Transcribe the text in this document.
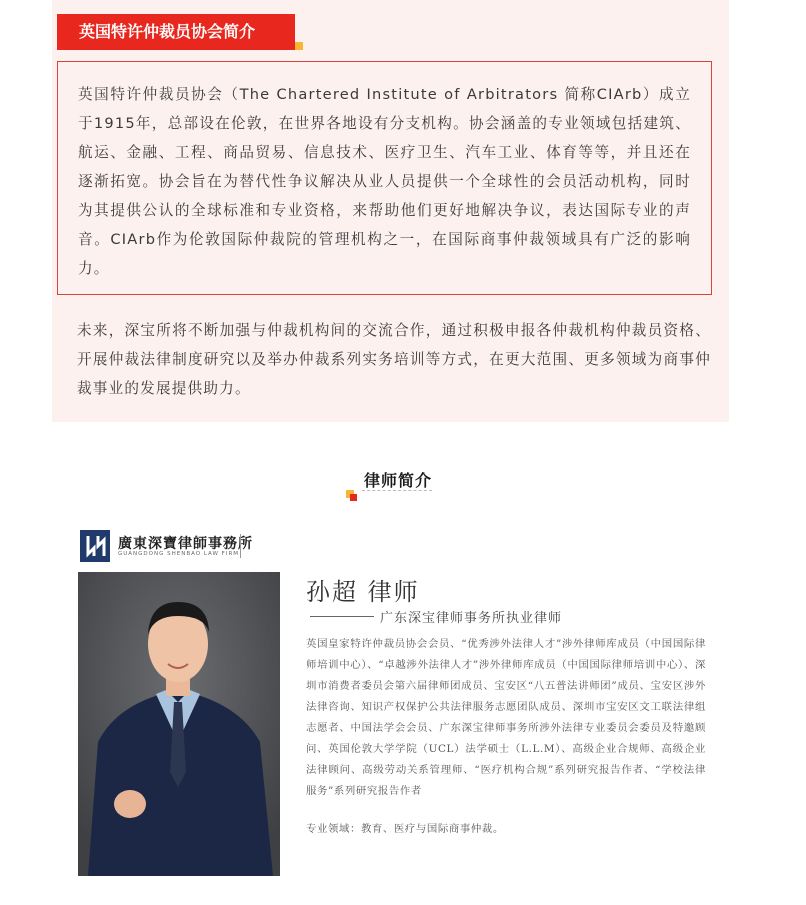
英国特许仲裁员协会简介

英国特许仲裁员协会（The Chartered Institute of Arbitrators 简称CIArb）成立于1915年，总部设在伦敦，在世界各地设有分支机构。协会涵盖的专业领域包括建筑、航运、金融、工程、商品贸易、信息技术、医疗卫生、汽车工业、体育等等，并且还在逐渐拓宽。协会旨在为替代性争议解决从业人员提供一个全球性的会员活动机构，同时为其提供公认的全球标准和专业资格，来帮助他们更好地解决争议，表达国际专业的声音。CIArb作为伦敦国际仲裁院的管理机构之一，在国际商事仲裁领域具有广泛的影响力。

未来，深宝所将不断加强与仲裁机构间的交流合作，通过积极申报各仲裁机构仲裁员资格、开展仲裁法律制度研究以及举办仲裁系列实务培训等方式，在更大范围、更多领域为商事仲裁事业的发展提供助力。

律师简介
廣東深寶律師事務所
GUANGDONG SHENBAO LAW FIRM
孙超 律师
广东深宝律师事务所执业律师

英国皇家特许仲裁员协会会员、“优秀涉外法律人才”涉外律师库成员（中国国际律师培训中心）、“卓越涉外法律人才”涉外律师库成员（中国国际律师培训中心）、深圳市消费者委员会第六届律师团成员、宝安区“八五普法讲师团”成员、宝安区涉外法律咨询、知识产权保护公共法律服务志愿团队成员、深圳市宝安区文工联法律组志愿者、中国法学会会员、广东深宝律师事务所涉外法律专业委员会委员及特邀顾问、英国伦敦大学学院（UCL）法学硕士（L.L.M）、高级企业合规师、高级企业法律顾问、高级劳动关系管理师、“医疗机构合规”系列研究报告作者、“学校法律服务”系列研究报告作者

专业领域：教育、医疗与国际商事仲裁。
